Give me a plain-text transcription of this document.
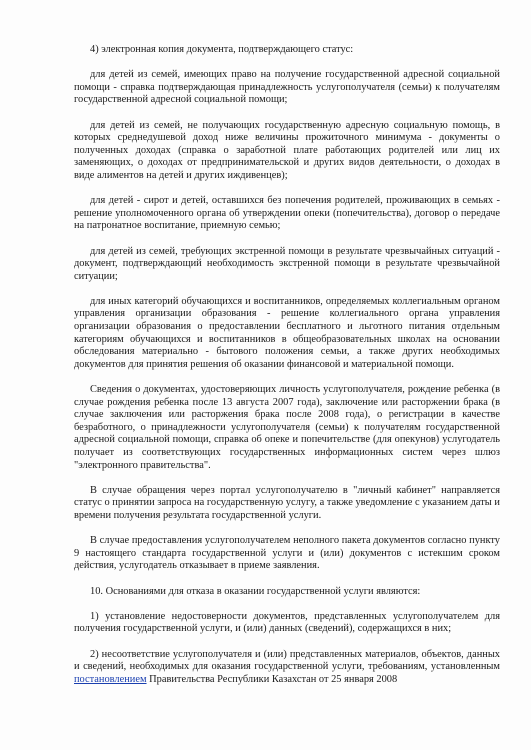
4) электронная копия документа, подтверждающего статус:

для детей из семей, имеющих право на получение государственной адресной социальной помощи - справка подтверждающая принадлежность услугополучателя (семьи) к получателям государственной адресной социальной помощи;

для детей из семей, не получающих государственную адресную социальную помощь, в которых среднедушевой доход ниже величины прожиточного минимума - документы о полученных доходах (справка о заработной плате работающих родителей или лиц их заменяющих, о доходах от предпринимательской и других видов деятельности, о доходах в виде алиментов на детей и других иждивенцев);

для детей - сирот и детей, оставшихся без попечения родителей, проживающих в семьях - решение уполномоченного органа об утверждении опеки (попечительства), договор о передаче на патронатное воспитание, приемную семью;

для детей из семей, требующих экстренной помощи в результате чрезвычайных ситуаций - документ, подтверждающий необходимость экстренной помощи в результате чрезвычайной ситуации;

для иных категорий обучающихся и воспитанников, определяемых коллегиальным органом управления организации образования - решение коллегиального органа управления организации образования о предоставлении бесплатного и льготного питания отдельным категориям обучающихся и воспитанников в общеобразовательных школах на основании обследования материально - бытового положения семьи, а также других необходимых документов для принятия решения об оказании финансовой и материальной помощи.

Сведения о документах, удостоверяющих личность услугополучателя, рождение ребенка (в случае рождения ребенка после 13 августа 2007 года), заключение или расторжении брака (в случае заключения или расторжения брака после 2008 года), о регистрации в качестве безработного, о принадлежности услугополучателя (семьи) к получателям государственной адресной социальной помощи, справка об опеке и попечительстве (для опекунов) услугодатель получает из соответствующих государственных информационных систем через шлюз "электронного правительства".

В случае обращения через портал услугополучателю в "личный кабинет" направляется статус о принятии запроса на государственную услугу, а также уведомление с указанием даты и времени получения результата государственной услуги.

В случае предоставления услугополучателем неполного пакета документов согласно пункту 9 настоящего стандарта государственной услуги и (или) документов с истекшим сроком действия, услугодатель отказывает в приеме заявления.

10. Основаниями для отказа в оказании государственной услуги являются:

1) установление недостоверности документов, представленных услугополучателем для получения государственной услуги, и (или) данных (сведений), содержащихся в них;

2) несоответствие услугополучателя и (или) представленных материалов, объектов, данных и сведений, необходимых для оказания государственной услуги, требованиям, установленным постановлением Правительства Республики Казахстан от 25 января 2008
